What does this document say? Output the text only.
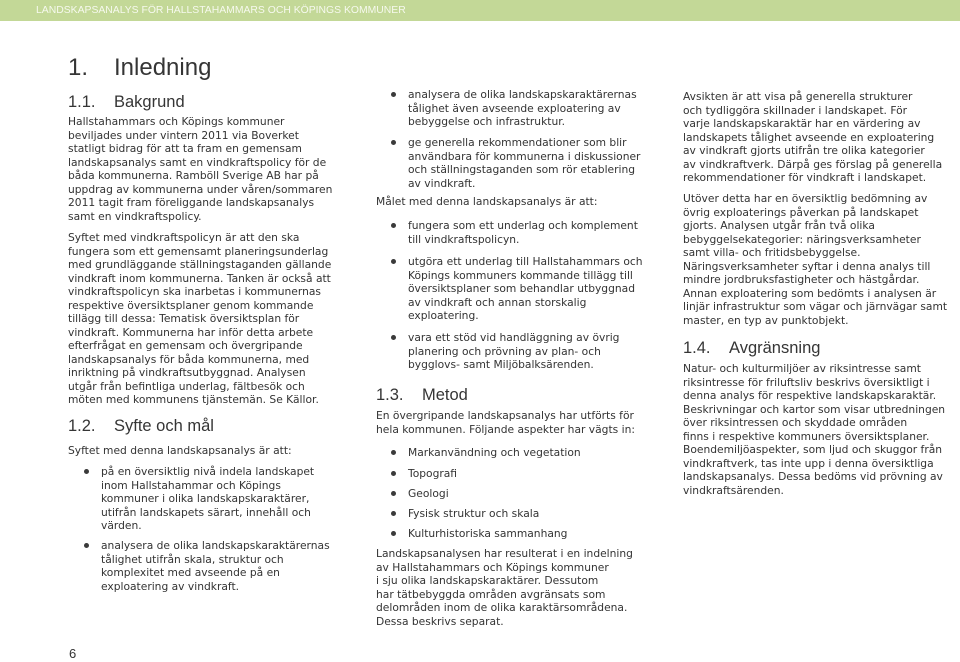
LANDSKAPSANALYS FÖR HALLSTAHAMMARS OCH KÖPINGS KOMMUNER
1. Inledning
1.1. Bakgrund

Hallstahammars och Köpings kommuner
beviljades under vintern 2011 via Boverket
statligt bidrag för att ta fram en gemensam
landskapsanalys samt en vindkraftspolicy för de
båda kommunerna. Ramböll Sverige AB har på
uppdrag av kommunerna under våren/sommaren
2011 tagit fram föreliggande landskapsanalys
samt en vindkraftspolicy.

Syftet med vindkraftspolicyn är att den ska
fungera som ett gemensamt planeringsunderlag
med grundläggande ställningstaganden gällande
vindkraft inom kommunerna. Tanken är också att
vindkraftspolicyn ska inarbetas i kommunernas
respektive översiktsplaner genom kommande
tillägg till dessa: Tematisk översiktsplan för
vindkraft. Kommunerna har inför detta arbete
efterfrågat en gemensam och övergripande
landskapsanalys för båda kommunerna, med
inriktning på vindkraftsutbyggnad. Analysen
utgår från befintliga underlag, fältbesök och
möten med kommunens tjänstemän. Se Källor.

1.2. Syfte och mål

Syftet med denna landskapsanalys är att:

på en översiktlig nivå indela landskapet
inom Hallstahammar och Köpings
kommuner i olika landskapskaraktärer,
utifrån landskapets särart, innehåll och
värden.

analysera de olika landskapskaraktärernas
tålighet utifrån skala, struktur och
komplexitet med avseende på en
exploatering av vindkraft.

analysera de olika landskapskaraktärernas
tålighet även avseende exploatering av
bebyggelse och infrastruktur.

ge generella rekommendationer som blir
användbara för kommunerna i diskussioner
och ställningstaganden som rör etablering
av vindkraft.

Målet med denna landskapsanalys är att:

fungera som ett underlag och komplement
till vindkraftspolicyn.

utgöra ett underlag till Hallstahammars och
Köpings kommuners kommande tillägg till
översiktsplaner som behandlar utbyggnad
av vindkraft och annan storskalig
exploatering.

vara ett stöd vid handläggning av övrig
planering och prövning av plan- och
bygglovs- samt Miljöbalksärenden.

1.3. Metod

En övergripande landskapsanalys har utförts för
hela kommunen. Följande aspekter har vägts in:

Markanvändning och vegetation

Topografi

Geologi

Fysisk struktur och skala

Kulturhistoriska sammanhang

Landskapsanalysen har resulterat i en indelning
av Hallstahammars och Köpings kommuner
i sju olika landskapskaraktärer. Dessutom
har tätbebyggda områden avgränsats som
delområden inom de olika karaktärsområdena.
Dessa beskrivs separat.

Avsikten är att visa på generella strukturer
och tydliggöra skillnader i landskapet. För
varje landskapskaraktär har en värdering av
landskapets tålighet avseende en exploatering
av vindkraft gjorts utifrån tre olika kategorier
av vindkraftverk. Därpå ges förslag på generella
rekommendationer för vindkraft i landskapet.

Utöver detta har en översiktlig bedömning av
övrig exploaterings påverkan på landskapet
gjorts. Analysen utgår från två olika
bebyggelsekategorier: näringsverksamheter
samt villa- och fritidsbebyggelse.
Näringsverksamheter syftar i denna analys till
mindre jordbruksfastigheter och hästgårdar.
Annan exploatering som bedömts i analysen är
linjär infrastruktur som vägar och järnvägar samt
master, en typ av punktobjekt.

1.4. Avgränsning

Natur- och kulturmiljöer av riksintresse samt
riksintresse för friluftsliv beskrivs översiktligt i
denna analys för respektive landskapskaraktär.
Beskrivningar och kartor som visar utbredningen
över riksintressen och skyddade områden
finns i respektive kommuners översiktsplaner.
Boendemiljöaspekter, som ljud och skuggor från
vindkraftverk, tas inte upp i denna översiktliga
landskapsanalys. Dessa bedöms vid prövning av
vindkraftsärenden.

6
